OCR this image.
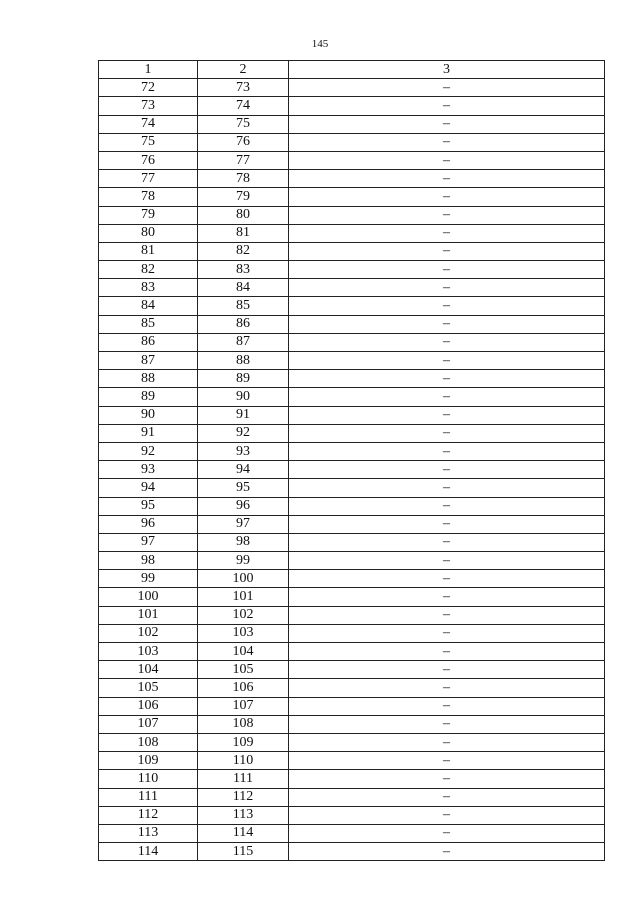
145
1	2	3
72	73	–
73	74	–
74	75	–
75	76	–
76	77	–
77	78	–
78	79	–
79	80	–
80	81	–
81	82	–
82	83	–
83	84	–
84	85	–
85	86	–
86	87	–
87	88	–
88	89	–
89	90	–
90	91	–
91	92	–
92	93	–
93	94	–
94	95	–
95	96	–
96	97	–
97	98	–
98	99	–
99	100	–
100	101	–
101	102	–
102	103	–
103	104	–
104	105	–
105	106	–
106	107	–
107	108	–
108	109	–
109	110	–
110	111	–
111	112	–
112	113	–
113	114	–
114	115	–
